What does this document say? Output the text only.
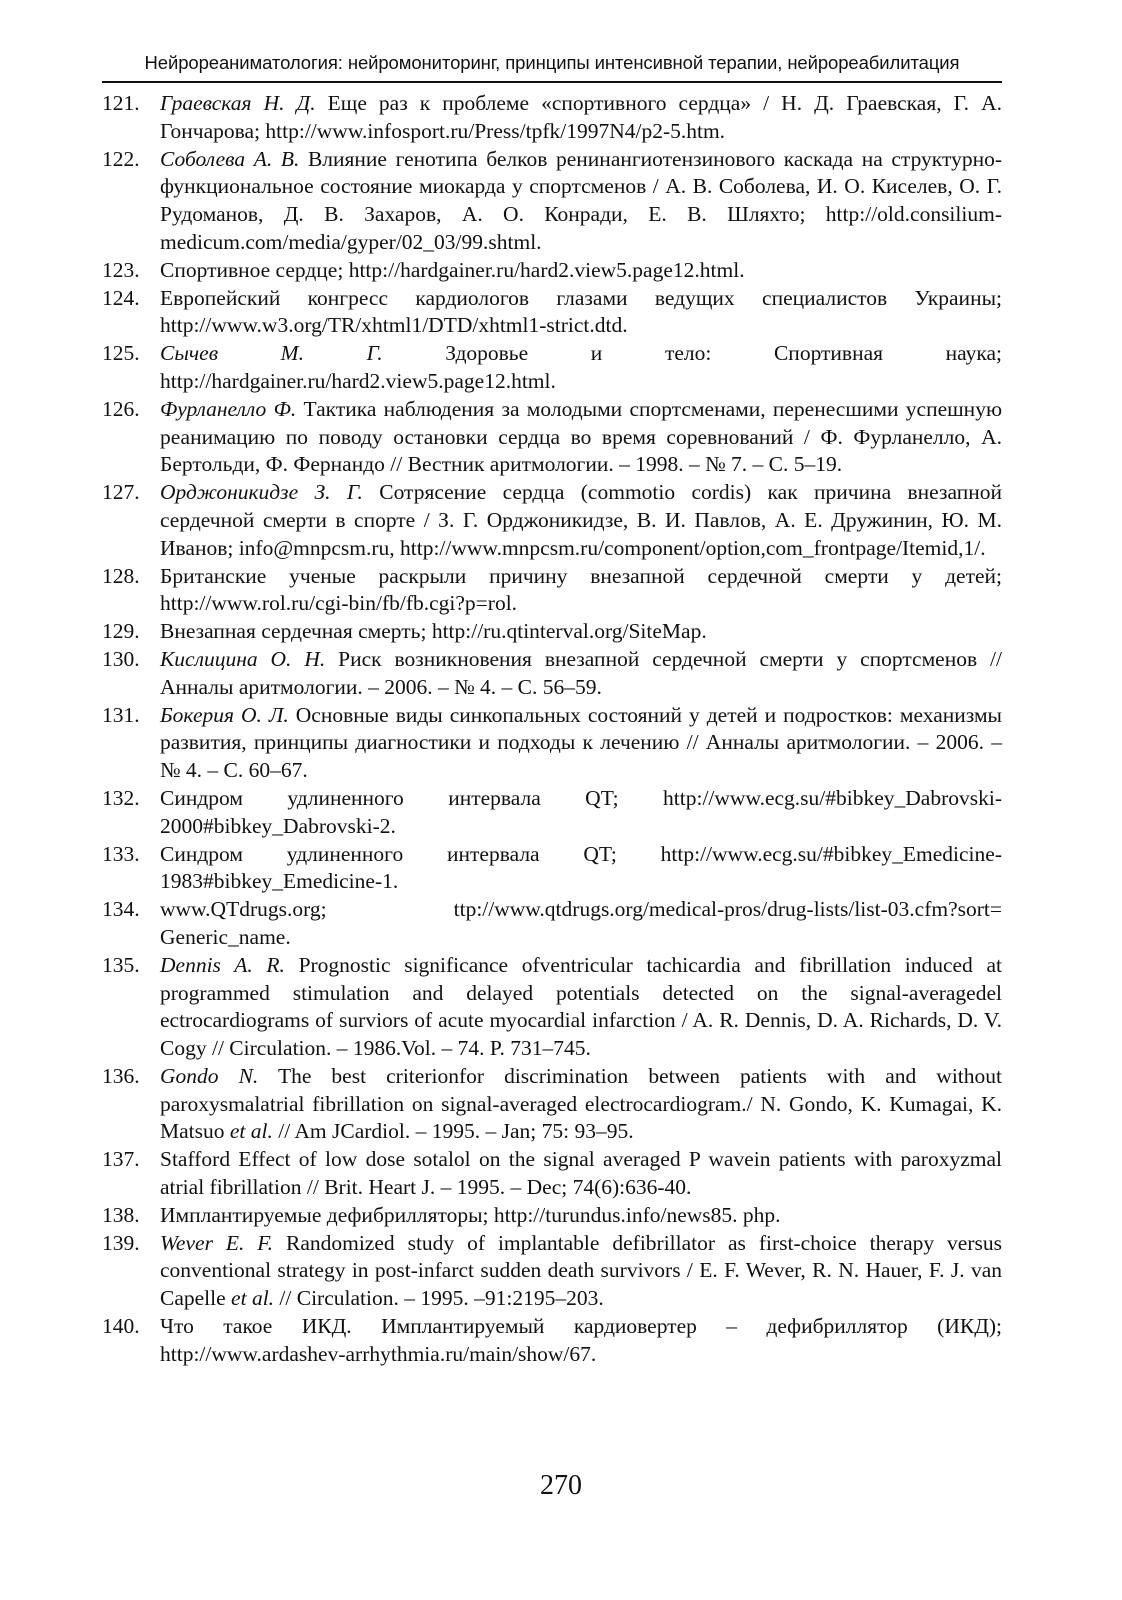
Нейрореаниматология: нейромониторинг, принципы интенсивной терапии, нейрореабилитация
121. Граевская Н. Д. Еще раз к проблеме «спортивного сердца» / Н. Д. Граевская, Г. А. Гончарова; http://www.infosport.ru/Press/tpfk/1997N4/p2-5.htm.
122. Соболева А. В. Влияние генотипа белков ренинангиотензинового каскада на структурно-функциональное состояние миокарда у спортсменов / А. В. Соболева, И. О. Киселев, О. Г. Рудоманов, Д. В. Захаров, А. О. Конради, Е. В. Шляхто; http://old.consilium-medicum.com/media/gyper/02_03/99.shtml.
123. Спортивное сердце; http://hardgainer.ru/hard2.view5.page12.html.
124. Европейский конгресс кардиологов глазами ведущих специалистов Украины; http://www.w3.org/TR/xhtml1/DTD/xhtml1-strict.dtd.
125. Сычев М. Г. Здоровье и тело: Спортивная наука; http://hardgainer.ru/hard2.view5.page12.html.
126. Фурланелло Ф. Тактика наблюдения за молодыми спортсменами, перенесшими успешную реанимацию по поводу остановки сердца во время соревнований / Ф. Фурланелло, А. Бертольди, Ф. Фернандо // Вестник аритмологии. – 1998. – № 7. – С. 5–19.
127. Орджоникидзе З. Г. Сотрясение сердца (commotio cordis) как причина внезапной сердечной смерти в спорте / З. Г. Орджоникидзе, В. И. Павлов, А. Е. Дружинин, Ю. М. Иванов; info@mnpcsm.ru, http://www.mnpcsm.ru/component/option,com_frontpage/Itemid,1/.
128. Британские ученые раскрыли причину внезапной сердечной смерти у детей; http://www.rol.ru/cgi-bin/fb/fb.cgi?p=rol.
129. Внезапная сердечная смерть; http://ru.qtinterval.org/SiteMap.
130. Кислицина О. Н. Риск возникновения внезапной сердечной смерти у спортсменов // Анналы аритмологии. – 2006. – № 4. – С. 56–59.
131. Бокерия О. Л. Основные виды синкопальных состояний у детей и подростков: механизмы развития, принципы диагностики и подходы к лечению // Анналы аритмологии. – 2006. – № 4. – С. 60–67.
132. Синдром удлиненного интервала QT; http://www.ecg.su/#bibkey_Dabrovski-2000#bibkey_Dabrovski-2.
133. Синдром удлиненного интервала QT; http://www.ecg.su/#bibkey_Emedicine-1983#bibkey_Emedicine-1.
134. www.QTdrugs.org; ttp://www.qtdrugs.org/medical-pros/drug-lists/list-03.cfm?sort= Generic_name.
135. Dennis A. R. Prognostic significance ofventricular tachicardia and fibrillation induced at programmed stimulation and delayed potentials detected on the signal-averagedel ectrocardiograms of surviors of acute myocardial infarction / A. R. Dennis, D. A. Richards, D. V. Cogy // Circulation. – 1986.Vol. – 74. P. 731–745.
136. Gondo N. The best criterionfor discrimination between patients with and without paroxysmalatrial fibrillation on signal-averaged electrocardiogram./ N. Gondo, K. Kumagai, K. Matsuo et al. // Am JCardiol. – 1995. – Jan; 75: 93–95.
137. Stafford Effect of low dose sotalol on the signal averaged P wavein patients with paroxyzmal atrial fibrillation // Brit. Heart J. – 1995. – Dec; 74(6):636-40.
138. Имплантируемые дефибрилляторы; http://turundus.info/news85. php.
139. Wever E. F. Randomized study of implantable defibrillator as first-choice therapy versus conventional strategy in post-infarct sudden death survivors / E. F. Wever, R. N. Hauer, F. J. van Capelle et al. // Circulation. – 1995. –91:2195–203.
140. Что такое ИКД. Имплантируемый кардиовертер – дефибриллятор (ИКД); http://www.ardashev-arrhythmia.ru/main/show/67.
270
